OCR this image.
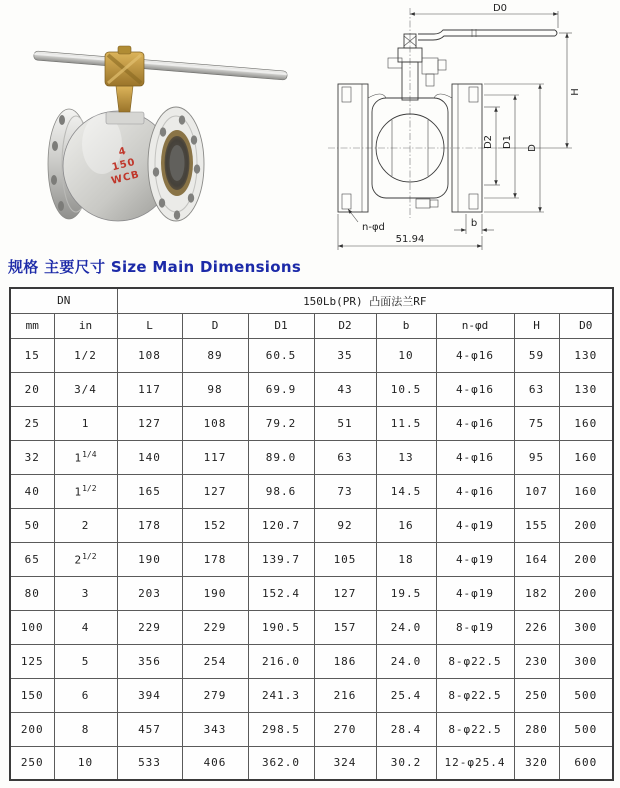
4
150
WCB
D0
H
D2 D1 D
b
51.94
n-φd
规格 主要尺寸 Size Main Dimensions
DN		150Lb(PR) 凸面法兰RF							
mm	in	L	D	D1	D2	b	n-φd	H	D0
15	1/2	108	89	60.5	35	10	4-φ16	59	130
20	3/4	117	98	69.9	43	10.5	4-φ16	63	130
25	1	127	108	79.2	51	11.5	4-φ16	75	160
32	$1^{1/4}$	140	117	89.0	63	13	4-φ16	95	160
40	$1^{1/2}$	165	127	98.6	73	14.5	4-φ16	107	160
50	2	178	152	120.7	92	16	4-φ19	155	200
65	$2^{1/2}$	190	178	139.7	105	18	4-φ19	164	200
80	3	203	190	152.4	127	19.5	4-φ19	182	200
100	4	229	229	190.5	157	24.0	8-φ19	226	300
125	5	356	254	216.0	186	24.0	8-φ22.5	230	300
150	6	394	279	241.3	216	25.4	8-φ22.5	250	500
200	8	457	343	298.5	270	28.4	8-φ22.5	280	500
250	10	533	406	362.0	324	30.2	12-φ25.4	320	600
